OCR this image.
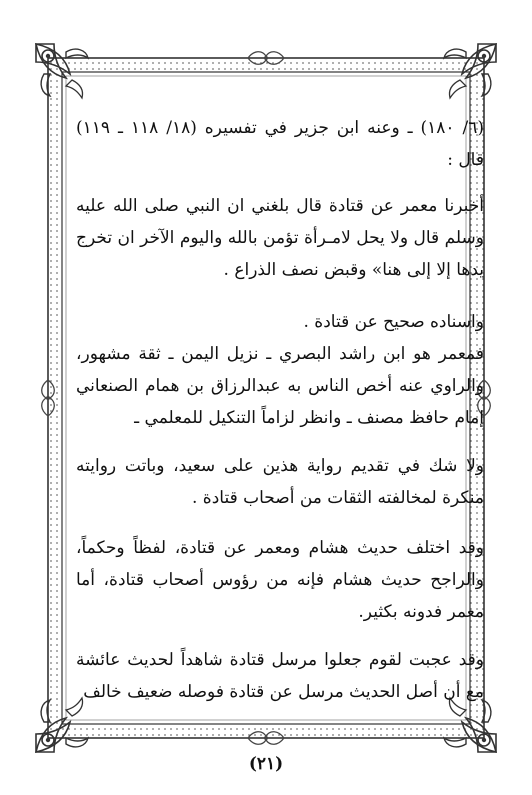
(٦/ ١٨٠) ـ وعنه ابن جزير في تفسيره (١٨/ ١١٨ ـ ١١٩) قال :

أخبرنا معمر عن قتادة قال بلغني ان النبي صلى الله عليه وسلم قال ولا يحل لامـرأة تؤمن بالله واليوم الآخر ان تخرج يدها إلا إلى هنا» وقبض نصف الذراع .

واسناده صحيح عن قتادة .

فمعمر هو ابن راشد البصري ـ نزيل اليمن ـ ثقة مشهور، والراوي عنه أخص الناس به عبدالرزاق بن همام الصنعاني إمام حافظ مصنف ـ وانظر لزاماً التنكيل للمعلمي ـ

ولا شك في تقديم رواية هذين على سعيد، وباتت روايته منكرة لمخالفته الثقات من أصحاب قتادة .

وقد اختلف حديث هشام ومعمر عن قتادة، لفظاً وحكماً، والراجح حديث هشام فإنه من رؤوس أصحاب قتادة، أما معمر فدونه بكثير.

وقد عجبت لقوم جعلوا مرسل قتادة شاهداً لحديث عائشة مع أن أصل الحديث مرسل عن قتادة فوصله ضعيف خالف

(٢١)
